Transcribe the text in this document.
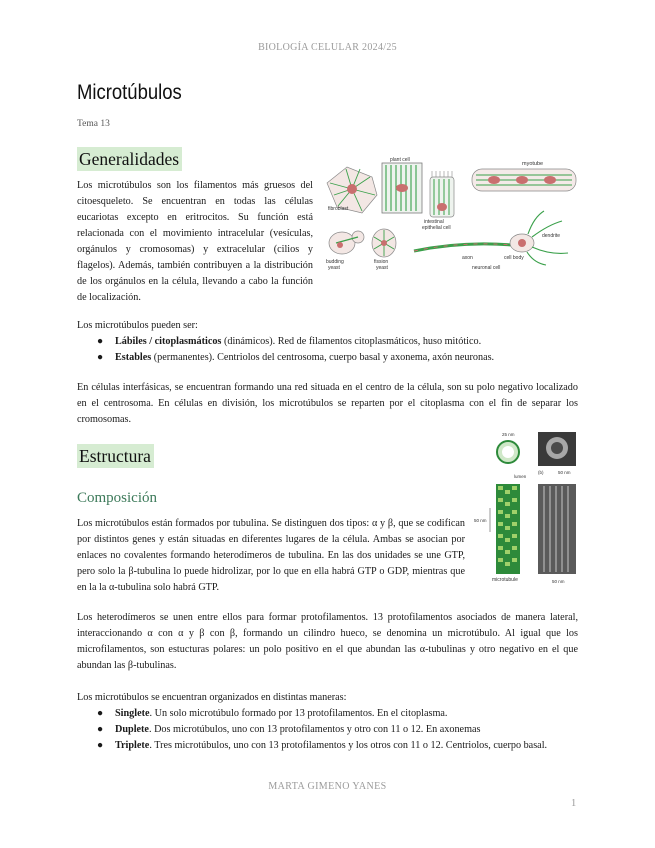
BIOLOGÍA CELULAR 2024/25
Microtúbulos
Tema 13
Generalidades

Los microtúbulos son los filamentos más gruesos del citoesqueleto. Se encuentran en todas las células eucariotas excepto en eritrocitos. Su función está relacionada con el movimiento intracelular (vesículas, orgánulos y cromosomas) y extracelular (cilios y flagelos). Además, también contribuyen a la distribución de los orgánulos en la célula, llevando a cabo la función de localización.

plant cell
fibroblast
intestinal
epithelial cell
myotube
budding
yeast
fission
yeast
axon	cell body
dendrite
neuronal cell

Los microtúbulos pueden ser:

● Lábiles / citoplasmáticos (dinámicos). Red de filamentos citoplasmáticos, huso mitótico.
● Estables (permanentes). Centriolos del centrosoma, cuerpo basal y axonema, axón neuronas.

En células interfásicas, se encuentran formando una red situada en el centro de la célula, son su polo negativo localizado en el centrosoma. En células en división, los microtúbulos se reparten por el citoplasma con el fin de separar los cromosomas.

Estructura
Composición

Los microtúbulos están formados por tubulina. Se distinguen dos tipos: α y β, que se codifican por distintos genes y están situadas en diferentes lugares de la célula. Ambas se asocian por enlaces no covalentes formando heterodímeros de tubulina. En las dos unidades se une GTP, pero solo la β-tubulina lo puede hidrolizar, por lo que en ella habrá GTP o GDP, mientras que en la la α-tubulina solo habrá GTP.

25 nm
lumen
50 nm
microtubule
(b)	50 nm
50 nm

Los heterodímeros se unen entre ellos para formar protofilamentos. 13 protofilamentos asociados de manera lateral, interaccionando α con α y β con β, formando un cilindro hueco, se denomina un microtúbulo. Al igual que los microfilamentos, son estucturas polares: un polo positivo en el que abundan las α-tubulinas y otro negativo en el que abundan las β-tubulinas.

Los microtúbulos se encuentran organizados en distintas maneras:

● Singlete. Un solo microtúbulo formado por 13 protofilamentos. En el citoplasma.
● Duplete. Dos microtúbulos, uno con 13 protofilamentos y otro con 11 o 12. En axonemas
● Triplete. Tres microtúbulos, uno con 13 protofilamentos y los otros con 11 o 12. Centriolos, cuerpo basal.
MARTA GIMENO YANES
1
